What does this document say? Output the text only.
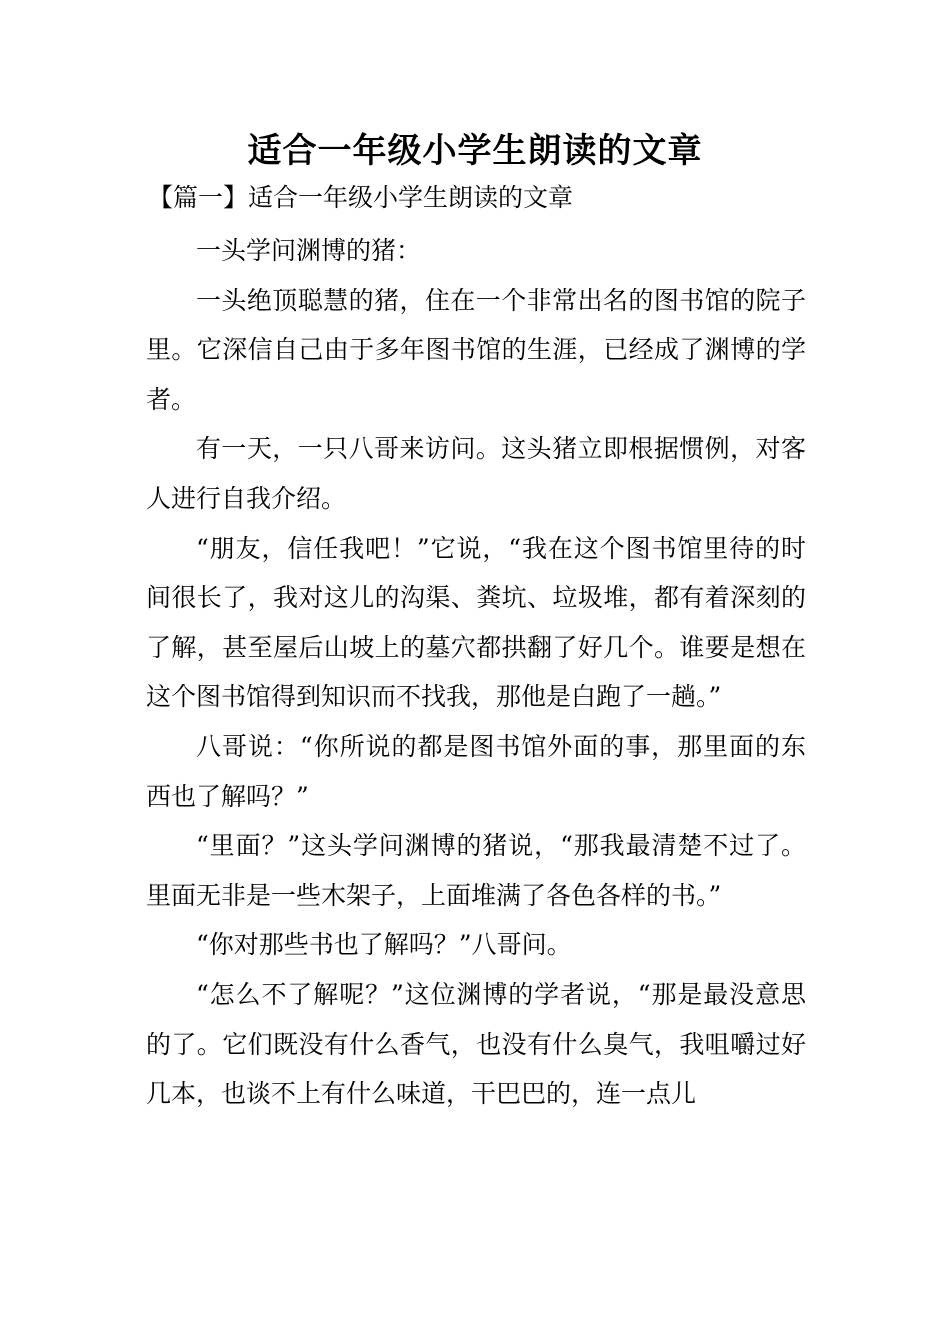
适合一年级小学生朗读的文章
【篇一】适合一年级小学生朗读的文章

一头学问渊博的猪：

一头绝顶聪慧的猪，住在一个非常出名的图书馆的院子里。它深信自己由于多年图书馆的生涯，已经成了渊博的学者。

有一天，一只八哥来访问。这头猪立即根据惯例，对客人进行自我介绍。

“朋友，信任我吧！”它说，“我在这个图书馆里待的时间很长了，我对这儿的沟渠、粪坑、垃圾堆，都有着深刻的了解，甚至屋后山坡上的墓穴都拱翻了好几个。谁要是想在这个图书馆得到知识而不找我，那他是白跑了一趟。”

八哥说：“你所说的都是图书馆外面的事，那里面的东西也了解吗？”

“里面？”这头学问渊博的猪说，“那我最清楚不过了。里面无非是一些木架子，上面堆满了各色各样的书。”

“你对那些书也了解吗？”八哥问。

“怎么不了解呢？”这位渊博的学者说，“那是最没意思的了。它们既没有什么香气，也没有什么臭气，我咀嚼过好几本，也谈不上有什么味道，干巴巴的，连一点儿
